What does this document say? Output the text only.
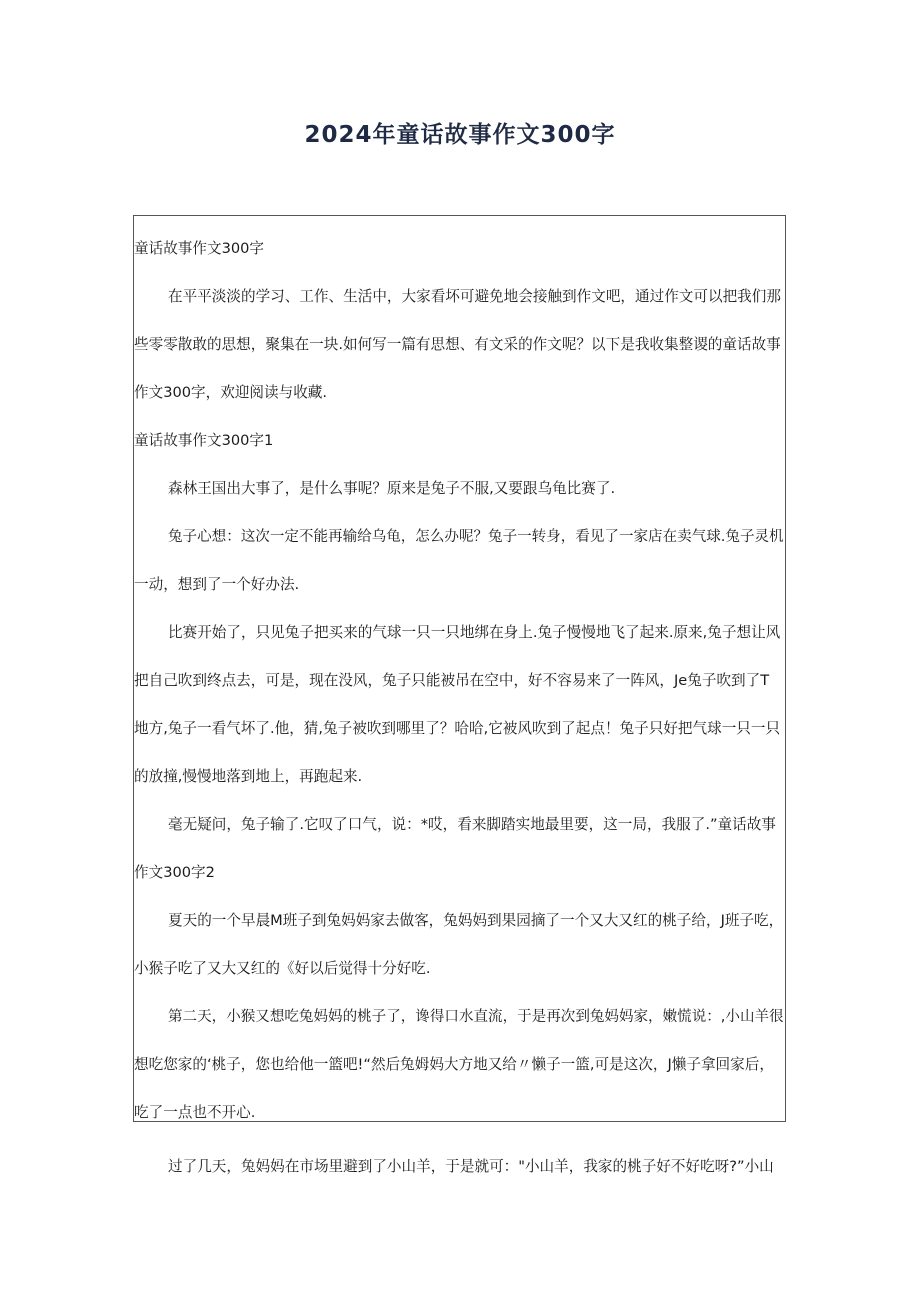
2024年童话故事作文300字
童话故事作文300字
在平平淡淡的学习、工作、生活中，大家看坏可避免地会接触到作文吧，通过作文可以把我们那
些零零散敢的思想，聚集在一块.如何写一篇有思想、有文采的作文呢？以下是我收集整谡的童话故事
作文300字，欢迎阅读与收藏.
童话故事作文300字1
森林王国出大事了，是什么事呢？原来是兔子不服,又要跟乌龟比赛了.
兔子心想：这次一定不能再输给乌龟，怎么办呢？兔子一转身，看见了一家店在卖气球.兔子灵机
一动，想到了一个好办法.
比赛开始了，只见兔子把买来的气球一只一只地绑在身上.兔子慢慢地飞了起来.原来,兔子想让风
把自己吹到终点去，可是，现在没风，兔子只能被吊在空中，好不容易来了一阵风，Je兔子吹到了T
地方,兔子一看气坏了.他，猜,兔子被吹到哪里了？哈哈,它被风吹到了起点！兔子只好把气球一只一只
的放撞,慢慢地落到地上，再跑起来.
毫无疑问，兔子输了.它叹了口气，说：*哎，看来脚踏实地最里要，这一局，我服了.”童话故事
作文300字2
夏天的一个早晨M班子到兔妈妈家去做客，兔妈妈到果园摘了一个又大又红的桃子给，J班子吃，
小猴子吃了又大又红的《好以后觉得十分好吃.
第二天，小猴又想吃兔妈妈的桃子了，谗得口水直流，于是再次到兔妈妈家，嫩慌说：,小山羊很
想吃您家的‘桃子，您也给他一篮吧!“然后兔姆妈大方地又给〃懒子一篮,可是这次，J懒子拿回家后，
吃了一点也不开心.
过了几天，兔妈妈在市场里避到了小山羊，于是就可："小山羊，我家的桃子好不好吃呀?”小山
